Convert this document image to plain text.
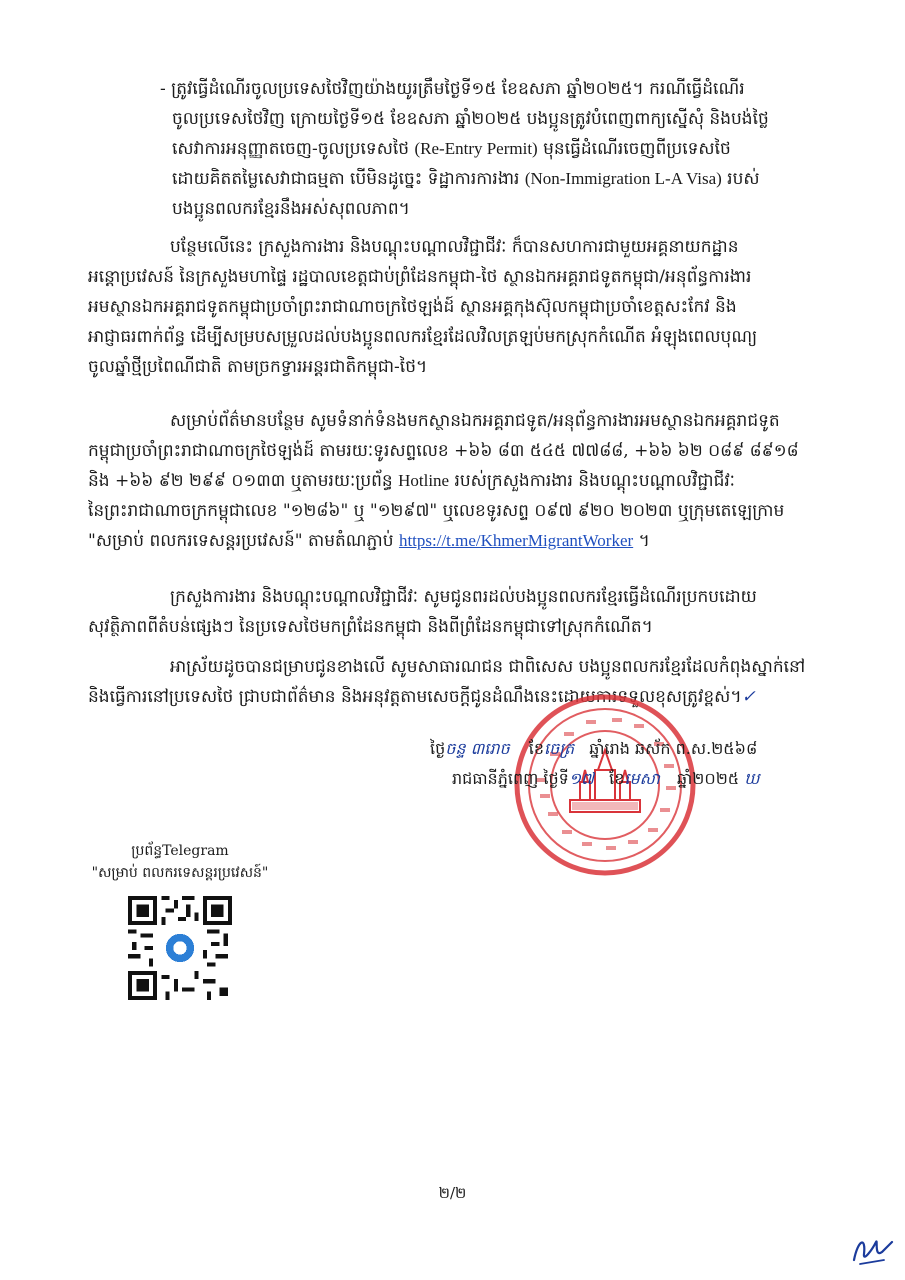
- ត្រូវធ្វើដំណើរចូលប្រទេសថៃវិញយ៉ាងយូរត្រឹមថ្ងៃទី១៥ ខែឧសភា ឆ្នាំ២០២៥។ ករណីធ្វើដំណើរ
ចូលប្រទេសថៃវិញ ក្រោយថ្ងៃទី១៥ ខែឧសភា ឆ្នាំ២០២៥ បងប្អូនត្រូវបំពេញពាក្យស្នើសុំ និងបង់ថ្លៃ
សេវាការអនុញ្ញាតចេញ-ចូលប្រទេសថៃ (Re-Entry Permit) មុនធ្វើដំណើរចេញពីប្រទេសថៃ
ដោយគិតតម្លៃសេវាជាធម្មតា បើមិនដូច្នេះ ទិដ្ឋាការការងារ (Non-Immigration L-A Visa) របស់
បងប្អូនពលករខ្មែរនឹងអស់សុពលភាព។
បន្ថែមលើនេះ ក្រសួងការងារ និងបណ្តុះបណ្តាលវិជ្ជាជីវៈ ក៏បានសហការជាមួយអគ្គនាយកដ្ឋាន
អន្តោប្រវេសន៍ នៃក្រសួងមហាផ្ទៃ រដ្ឋបាលខេត្តជាប់ព្រំដែនកម្ពុជា-ថៃ ស្ថានឯកអគ្គរាជទូតកម្ពុជា/អនុព័ន្ធការងារ
អមស្ថានឯកអគ្គរាជទូតកម្ពុជាប្រចាំព្រះរាជាណាចក្រថៃឡង់ដ៍ ស្ថានអគ្គកុងស៊ុលកម្ពុជាប្រចាំខេត្តសះកែវ និង
អាជ្ញាធរពាក់ព័ន្ធ ដើម្បីសម្របសម្រួលដល់បងប្អូនពលករខ្មែរដែលវិលត្រឡប់មកស្រុកកំណើត អំឡុងពេលបុណ្យ
ចូលឆ្នាំថ្មីប្រពៃណីជាតិ តាមច្រកទ្វារអន្តរជាតិកម្ពុជា-ថៃ។
សម្រាប់ព័ត៌មានបន្ថែម សូមទំនាក់ទំនងមកស្ថានឯកអគ្គរាជទូត/អនុព័ន្ធការងារអមស្ថានឯកអគ្គរាជទូត
កម្ពុជាប្រចាំព្រះរាជាណាចក្រថៃឡង់ដ៍ តាមរយៈទូរសព្ទលេខ +៦៦ ៨៣ ៥៤៥ ៧៧៨៨, +៦៦ ៦២ ០៨៩ ៨៩១៨
និង +៦៦ ៩២ ២៩៩ ០១៣៣ ឬតាមរយៈប្រព័ន្ធ Hotline របស់ក្រសួងការងារ និងបណ្តុះបណ្តាលវិជ្ជាជីវៈ
នៃព្រះរាជាណាចក្រកម្ពុជាលេខ "១២៨៦" ឬ "១២៩៧" ឬលេខទូរសព្ទ ០៩៧ ៩២០ ២០២៣ ឬក្រុមតេឡេក្រាម
"សម្រាប់ ពលករទេសន្តរប្រវេសន៍" តាមតំណភ្ជាប់ https://t.me/KhmerMigrantWorker ។
ក្រសួងការងារ និងបណ្តុះបណ្តាលវិជ្ជាជីវៈ សូមជូនពរដល់បងប្អូនពលករខ្មែរធ្វើដំណើរប្រកបដោយ
សុវត្ថិភាពពីតំបន់ផ្សេងៗ នៃប្រទេសថៃមកព្រំដែនកម្ពុជា និងពីព្រំដែនកម្ពុជាទៅស្រុកកំណើត។
អាស្រ័យដូចបានជម្រាបជូនខាងលើ សូមសាធារណជន ជាពិសេស បងប្អូនពលករខ្មែរដែលកំពុងស្នាក់នៅ
និងធ្វើការនៅប្រទេសថៃ ជ្រាបជាព័ត៌មាន និងអនុវត្តតាមសេចក្តីជូនដំណឹងនេះដោយការទទួលខុសត្រូវខ្ពស់។✓
ថ្ងៃចន្ទ ៣រោច ខែចេត្រ ឆ្នាំរោង ឆស័ក ព.ស.២៥៦៨
រាជធានីភ្នំពេញ ថ្ងៃទី១៧ ខែមេសា ឆ្នាំ២០២៥ ឃ
ប្រព័ន្ធTelegram
"សម្រាប់ ពលករទេសន្តរប្រវេសន៍"
២/២
